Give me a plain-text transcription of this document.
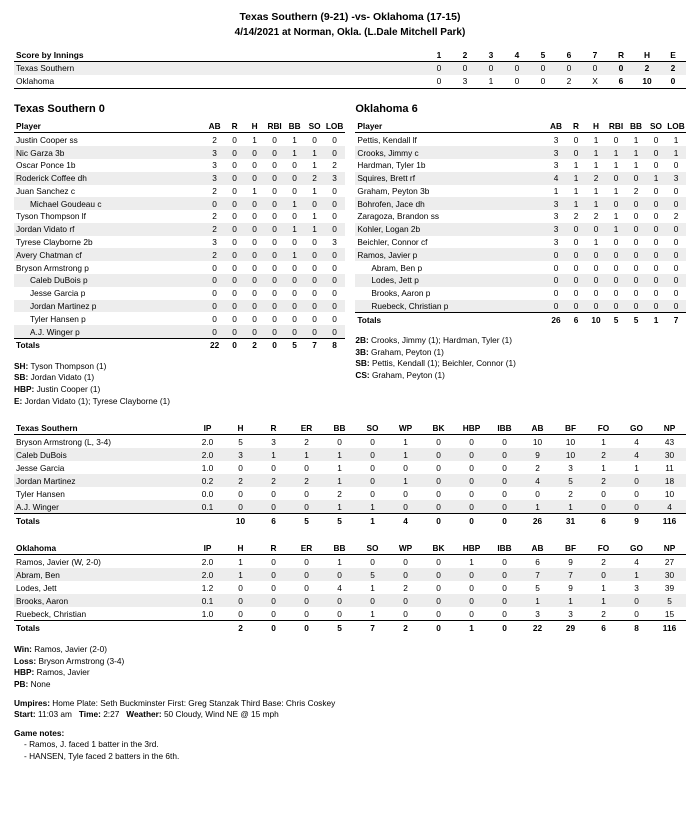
Texas Southern (9-21) -vs- Oklahoma (17-15)
4/14/2021 at Norman, Okla. (L.Dale Mitchell Park)
Score by Innings	1	2	3	4	5	6	7	R	H	E
Texas Southern	0	0	0	0	0	0	0	0	2	2
Oklahoma	0	3	1	0	0	2	X	6	10	0
Texas Southern 0
Player	AB	R	H	RBI	BB	SO	LOB
Justin Cooper ss	2	0	1	0	1	0	0
Nic Garza 3b	3	0	0	0	1	1	0
Oscar Ponce 1b	3	0	0	0	0	1	2
Roderick Coffee dh	3	0	0	0	0	2	3
Juan Sanchez c	2	0	1	0	0	1	0
Michael Goudeau c	0	0	0	0	1	0	0
Tyson Thompson lf	2	0	0	0	0	1	0
Jordan Vidato rf	2	0	0	0	1	1	0
Tyrese Clayborne 2b	3	0	0	0	0	0	3
Avery Chatman cf	2	0	0	0	1	0	0
Bryson Armstrong p	0	0	0	0	0	0	0
Caleb DuBois p	0	0	0	0	0	0	0
Jesse Garcia p	0	0	0	0	0	0	0
Jordan Martinez p	0	0	0	0	0	0	0
Tyler Hansen p	0	0	0	0	0	0	0
A.J. Winger p	0	0	0	0	0	0	0
Totals	22	0	2	0	5	7	8
SH: Tyson Thompson (1)
SB: Jordan Vidato (1)
HBP: Justin Cooper (1)
E: Jordan Vidato (1); Tyrese Clayborne (1)

Oklahoma 6
Player	AB	R	H	RBI	BB	SO	LOB
Pettis, Kendall lf	3	0	1	0	1	0	1
Crooks, Jimmy c	3	0	1	1	1	0	1
Hardman, Tyler 1b	3	1	1	1	1	0	0
Squires, Brett rf	4	1	2	0	0	1	3
Graham, Peyton 3b	1	1	1	1	2	0	0
Bohrofen, Jace dh	3	1	1	0	0	0	0
Zaragoza, Brandon ss	3	2	2	1	0	0	2
Kohler, Logan 2b	3	0	0	1	0	0	0
Beichler, Connor cf	3	0	1	0	0	0	0
Ramos, Javier p	0	0	0	0	0	0	0
Abram, Ben p	0	0	0	0	0	0	0
Lodes, Jett p	0	0	0	0	0	0	0
Brooks, Aaron p	0	0	0	0	0	0	0
Ruebeck, Christian p	0	0	0	0	0	0	0
Totals	26	6	10	5	5	1	7
2B: Crooks, Jimmy (1); Hardman, Tyler (1)
3B: Graham, Peyton (1)
SB: Pettis, Kendall (1); Beichler, Connor (1)
CS: Graham, Peyton (1)
Texas Southern	IP	H	R	ER	BB	SO	WP	BK	HBP	IBB	AB	BF	FO	GO	NP
Bryson Armstrong (L, 3-4)	2.0	5	3	2	0	0	1	0	0	0	10	10	1	4	43
Caleb DuBois	2.0	3	1	1	1	0	1	0	0	0	9	10	2	4	30
Jesse Garcia	1.0	0	0	0	1	0	0	0	0	0	2	3	1	1	11
Jordan Martinez	0.2	2	2	2	1	0	1	0	0	0	4	5	2	0	18
Tyler Hansen	0.0	0	0	0	2	0	0	0	0	0	0	2	0	0	10
A.J. Winger	0.1	0	0	0	1	1	0	0	0	0	1	1	0	0	4
Totals		10	6	5	5	1	4	0	0	0	26	31	6	9	116
Oklahoma	IP	H	R	ER	BB	SO	WP	BK	HBP	IBB	AB	BF	FO	GO	NP
Ramos, Javier (W, 2-0)	2.0	1	0	0	1	0	0	0	1	0	6	9	2	4	27
Abram, Ben	2.0	1	0	0	0	5	0	0	0	0	7	7	0	1	30
Lodes, Jett	1.2	0	0	0	4	1	2	0	0	0	5	9	1	3	39
Brooks, Aaron	0.1	0	0	0	0	0	0	0	0	0	1	1	1	0	5
Ruebeck, Christian	1.0	0	0	0	0	1	0	0	0	0	3	3	2	0	15
Totals		2	0	0	5	7	2	0	1	0	22	29	6	8	116
Win: Ramos, Javier (2-0)
Loss: Bryson Armstrong (3-4)
HBP: Ramos, Javier
PB: None
Umpires: Home Plate: Seth Buckminster First: Greg Stanzak Third Base: Chris Coskey
Start: 11:03 am Time: 2:27 Weather: 50 Cloudy, Wind NE @ 15 mph
Game notes:
- Ramos, J. faced 1 batter in the 3rd.
- HANSEN, Tyle faced 2 batters in the 6th.
